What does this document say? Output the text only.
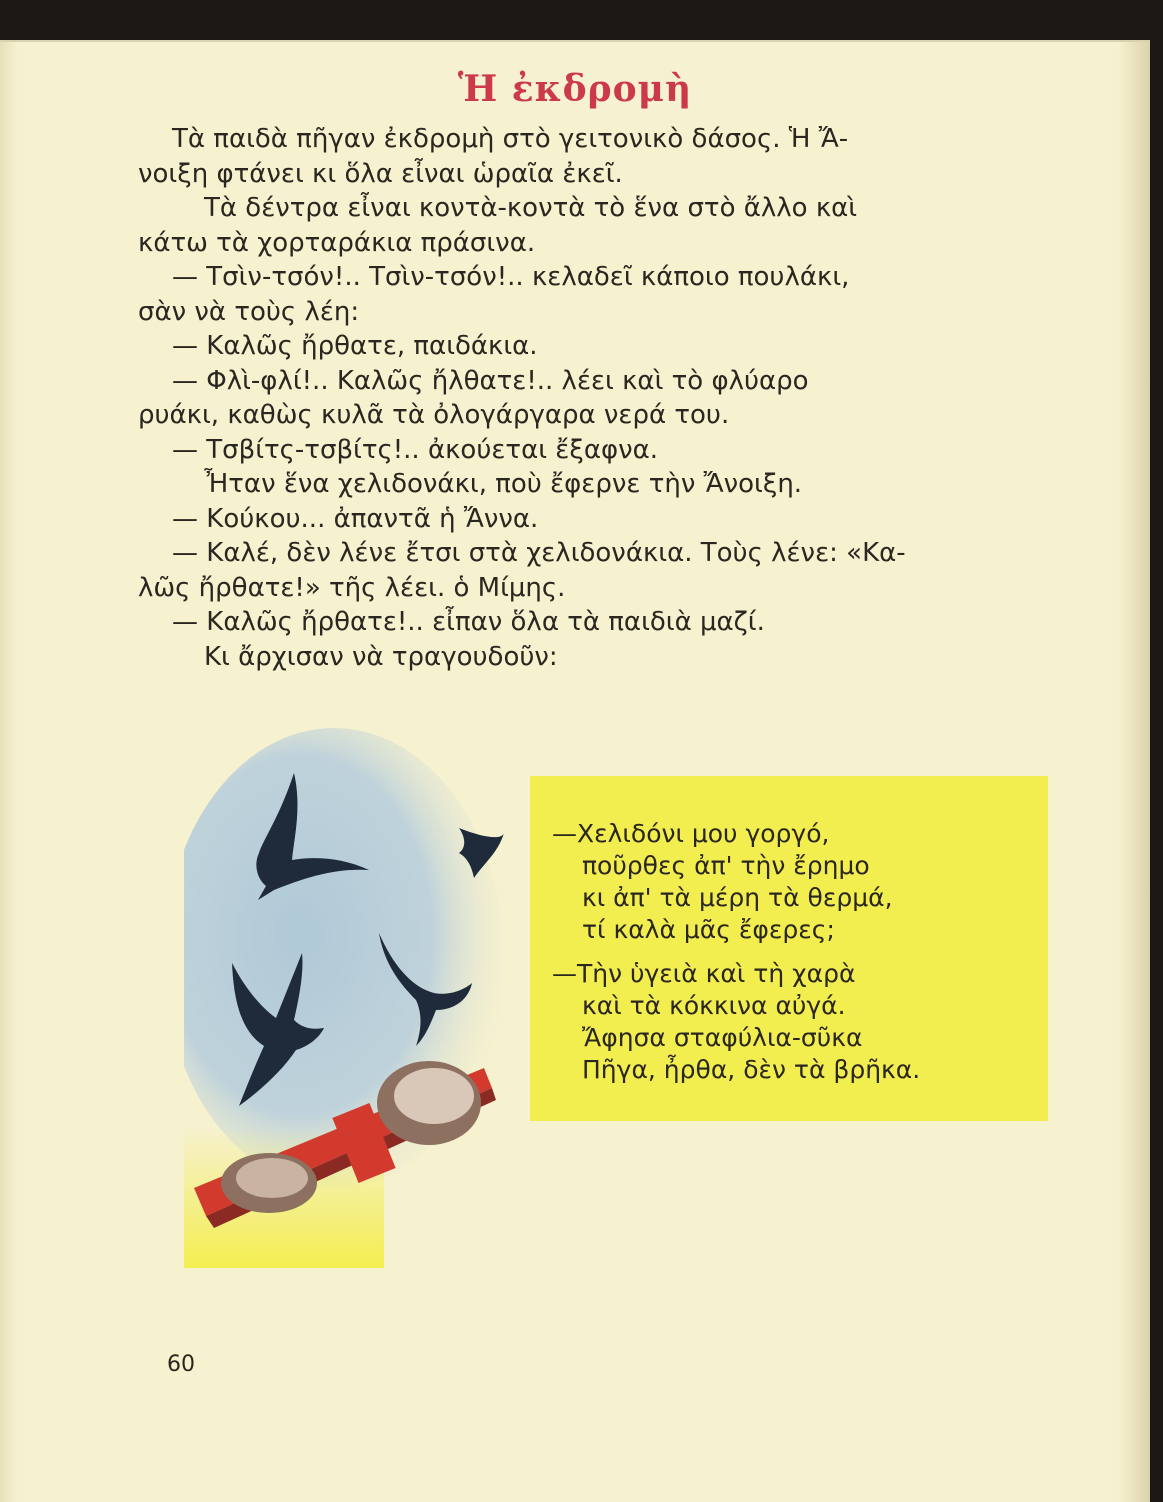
Ἡ ἐκδρομὴ
Τὰ παιδὰ πῆγαν ἐκδρομὴ στὸ γειτονικὸ δάσος. Ἡ Ἄ-
νοιξη φτάνει κι ὅλα εἶναι ὡραῖα ἐκεῖ.
Τὰ δέντρα εἶναι κοντὰ-κοντὰ τὸ ἕνα στὸ ἄλλο καὶ
κάτω τὰ χορταράκια πράσινα.
— Τσὶν-τσόν!.. Τσὶν-τσόν!.. κελαδεῖ κάποιο πουλάκι,
σὰν νὰ τοὺς λέη:
— Καλῶς ἤρθατε, παιδάκια.
— Φλὶ-φλί!.. Καλῶς ἤλθατε!.. λέει καὶ τὸ φλύαρο
ρυάκι, καθὼς κυλᾶ τὰ ὀλογάργαρα νερά του.
— Τσβίτς-τσβίτς!.. ἀκούεται ἔξαφνα.
Ἦταν ἕνα χελιδονάκι, ποὺ ἔφερνε τὴν Ἄνοιξη.
— Κούκου... ἀπαντᾶ ἡ Ἄννα.
— Καλέ, δὲν λένε ἔτσι στὰ χελιδονάκια. Τοὺς λένε: «Κα-
λῶς ἤρθατε!» τῆς λέει. ὁ Μίμης.
— Καλῶς ἤρθατε!.. εἶπαν ὅλα τὰ παιδιὰ μαζί.
Κι ἄρχισαν νὰ τραγουδοῦν:
—Χελιδόνι μου γοργό,
ποῦρθες ἀπ' τὴν ἔρημο
κι ἀπ' τὰ μέρη τὰ θερμά,
τί καλὰ μᾶς ἔφερες;
—Τὴν ὑγειὰ καὶ τὴ χαρὰ
καὶ τὰ κόκκινα αὐγά.
Ἄφησα σταφύλια-σῦκα
Πῆγα, ἦρθα, δὲν τὰ βρῆκα.
60
